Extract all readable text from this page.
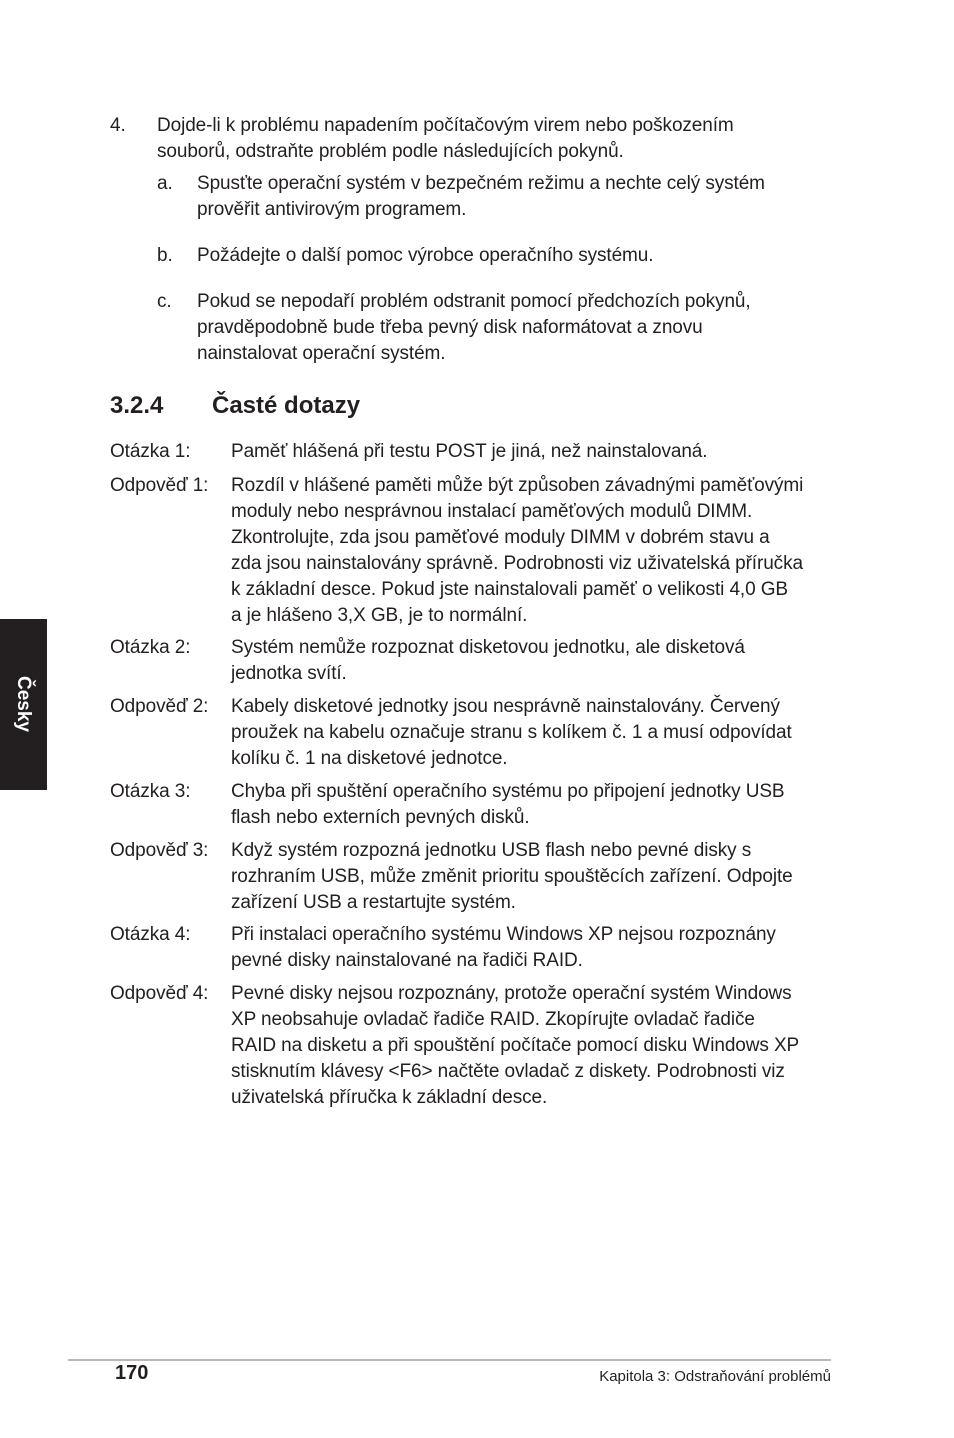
4. Dojde-li k problému napadením počítačovým virem nebo poškozením
souborů, odstraňte problém podle následujících pokynů.
a. Spusťte operační systém v bezpečném režimu a nechte celý systém
prověřit antivirovým programem.
b. Požádejte o další pomoc výrobce operačního systému.
c. Pokud se nepodaří problém odstranit pomocí předchozích pokynů,
pravděpodobně bude třeba pevný disk naformátovat a znovu
nainstalovat operační systém.
3.2.4 Časté dotazy
Otázka 1:	Paměť hlášená při testu POST je jiná, než nainstalovaná.
Odpověď 1:	Rozdíl v hlášené paměti může být způsoben závadnými paměťovými
moduly nebo nesprávnou instalací paměťových modulů DIMM.
Zkontrolujte, zda jsou paměťové moduly DIMM v dobrém stavu a
zda jsou nainstalovány správně. Podrobnosti viz uživatelská příručka
k základní desce. Pokud jste nainstalovali paměť o velikosti 4,0 GB
a je hlášeno 3,X GB, je to normální.
Otázka 2:	Systém nemůže rozpoznat disketovou jednotku, ale disketová
jednotka svítí.
Odpověď 2:	Kabely disketové jednotky jsou nesprávně nainstalovány. Červený
proužek na kabelu označuje stranu s kolíkem č. 1 a musí odpovídat
kolíku č. 1 na disketové jednotce.
Otázka 3:	Chyba při spuštění operačního systému po připojení jednotky USB
flash nebo externích pevných disků.
Odpověď 3:	Když systém rozpozná jednotku USB flash nebo pevné disky s
rozhraním USB, může změnit prioritu spouštěcích zařízení. Odpojte
zařízení USB a restartujte systém.
Otázka 4:	Při instalaci operačního systému Windows XP nejsou rozpoznány
pevné disky nainstalované na řadiči RAID.
Odpověď 4:	Pevné disky nejsou rozpoznány, protože operační systém Windows
XP neobsahuje ovladač řadiče RAID. Zkopírujte ovladač řadiče
RAID na disketu a při spouštění počítače pomocí disku Windows XP
stisknutím klávesy <F6> načtěte ovladač z diskety. Podrobnosti viz
uživatelská příručka k základní desce.
Česky
170	Kapitola 3: Odstraňování problémů
